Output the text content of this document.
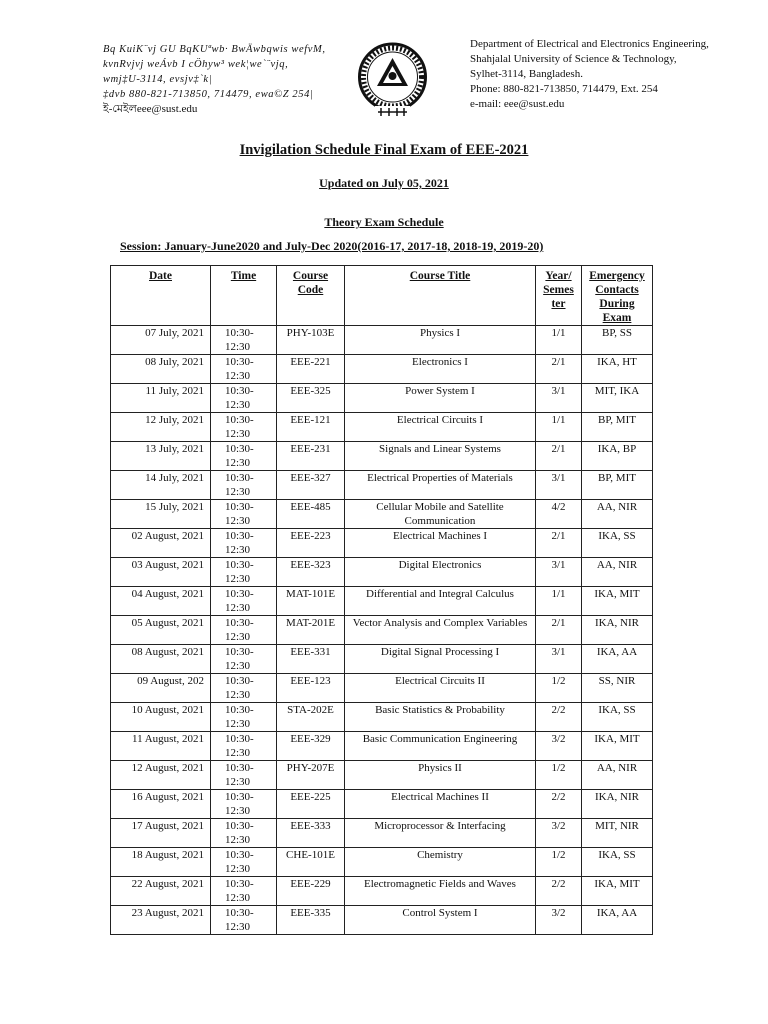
Bq KuiK¨vj GU BqKUªwb· BwÄwbqwis wefvM,
kvnRvjvj weÁvb I cÖhyw³ wek¦we`¨vjq,
wmj‡U-3114, evsjv‡`k|
‡dvb 880-821-713850, 714479, ewa©Z 254|
ই-মেইলeee@sust.edu
Department of Electrical and Electronics Engineering,
Shahjalal University of Science & Technology,
Sylhet-3114, Bangladesh.
Phone: 880-821-713850, 714479, Ext. 254
e-mail: eee@sust.edu
Invigilation Schedule Final Exam of EEE-2021
Updated on July 05, 2021
Theory Exam Schedule
Session: January-June2020 and July-Dec 2020(2016-17, 2017-18, 2018-19, 2019-20)
Date	Time	Course Code	Course Title	Year/ Semes ter	Emergency Contacts During Exam
07 July, 2021	10:30- 12:30	PHY-103E	Physics I	1/1	BP, SS
08 July, 2021	10:30- 12:30	EEE-221	Electronics I	2/1	IKA, HT
11 July, 2021	10:30- 12:30	EEE-325	Power System I	3/1	MIT, IKA
12 July, 2021	10:30- 12:30	EEE-121	Electrical Circuits I	1/1	BP, MIT
13 July, 2021	10:30- 12:30	EEE-231	Signals and Linear Systems	2/1	IKA, BP
14 July, 2021	10:30- 12:30	EEE-327	Electrical Properties of Materials	3/1	BP, MIT
15 July, 2021	10:30- 12:30	EEE-485	Cellular Mobile and Satellite Communication	4/2	AA, NIR
02 August, 2021	10:30- 12:30	EEE-223	Electrical Machines I	2/1	IKA, SS
03 August, 2021	10:30- 12:30	EEE-323	Digital Electronics	3/1	AA, NIR
04 August, 2021	10:30- 12:30	MAT-101E	Differential and Integral Calculus	1/1	IKA, MIT
05 August, 2021	10:30- 12:30	MAT-201E	Vector Analysis and Complex Variables	2/1	IKA, NIR
08 August, 2021	10:30- 12:30	EEE-331	Digital Signal Processing I	3/1	IKA, AA
09 August, 202	10:30- 12:30	EEE-123	Electrical Circuits II	1/2	SS, NIR
10 August, 2021	10:30- 12:30	STA-202E	Basic Statistics & Probability	2/2	IKA, SS
11 August, 2021	10:30- 12:30	EEE-329	Basic Communication Engineering	3/2	IKA, MIT
12 August, 2021	10:30- 12:30	PHY-207E	Physics II	1/2	AA, NIR
16 August, 2021	10:30- 12:30	EEE-225	Electrical Machines II	2/2	IKA, NIR
17 August, 2021	10:30- 12:30	EEE-333	Microprocessor & Interfacing	3/2	MIT, NIR
18 August, 2021	10:30- 12:30	CHE-101E	Chemistry	1/2	IKA, SS
22 August, 2021	10:30- 12:30	EEE-229	Electromagnetic Fields and Waves	2/2	IKA, MIT
23 August, 2021	10:30- 12:30	EEE-335	Control System I	3/2	IKA, AA
